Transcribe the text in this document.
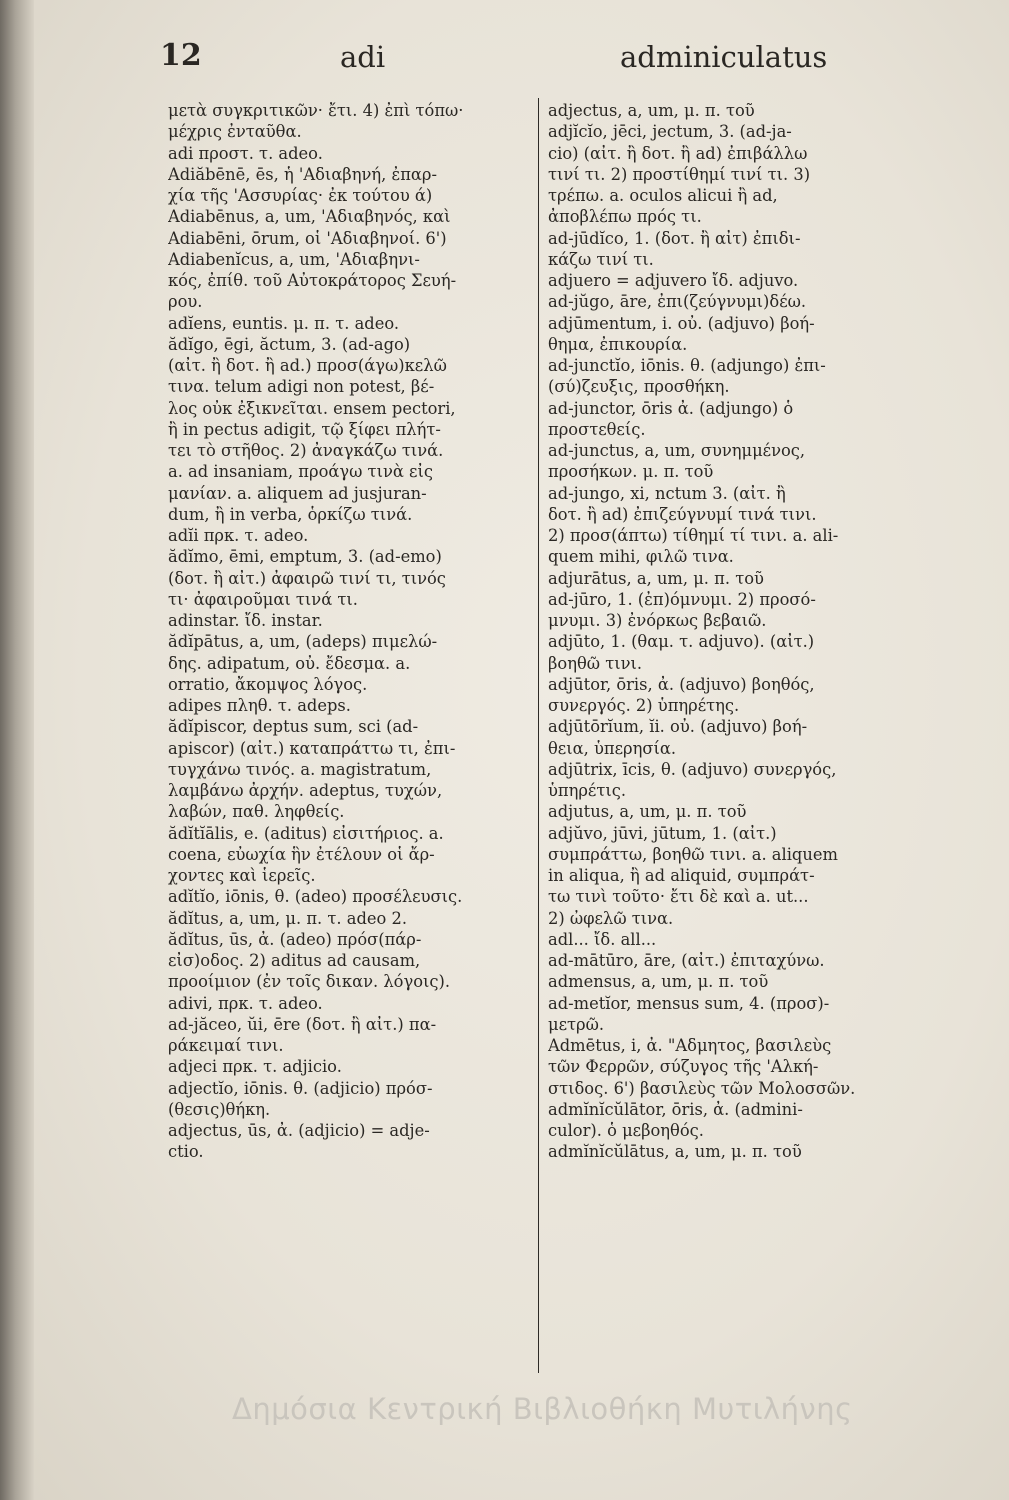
12	adi	adminiculatus
μετὰ συγκριτικῶν· ἔτι. 4) ἐπὶ τόπω·
μέχρις ἐνταῦθα.
adi προστ. τ. adeo.
Adiăbēnē, ēs, ἡ 'Αδιαβηνή, ἐπαρ-
χία τῆς 'Ασσυρίας· ἐκ τούτου ά)
Adiabēnus, a, um, 'Αδιαβηνός, καὶ
Adiabēni, ōrum, οἱ 'Αδιαβηνοί. 6')
Adiabenĭcus, a, um, 'Αδιαβηνι-
κός, ἐπίθ. τοῦ Αὐτοκράτορος Σευή-
ρου.
adĭens, euntis. μ. π. τ. adeo.
ădĭgo, ēgi, ăctum, 3. (ad-ago)
(αἰτ. ἢ δοτ. ἢ ad.) προσ(άγω)κελῶ
τινα. telum adigi non potest, βέ-
λος οὐκ ἐξικνεῖται. ensem pectori,
ἢ in pectus adigit, τῷ ξίφει πλήτ-
τει τὸ στῆθος. 2) ἀναγκάζω τινά.
a. ad insaniam, προάγω τινὰ εἰς
μανίαν. a. aliquem ad jusjuran-
dum, ἢ in verba, ὁρκίζω τινά.
adĭi πρκ. τ. adeo.
ădĭmo, ēmi, emptum, 3. (ad-emo)
(δοτ. ἢ αἰτ.) ἀφαιρῶ τινί τι, τινός
τι· ἀφαιροῦμαι τινά τι.
adinstar. ἴδ. instar.
ădĭpātus, a, um, (adeps) πιμελώ-
δης. adipatum, οὐ. ἔδεσμα. a.
orratio, ἄκομψος λόγος.
adipes πληθ. τ. adeps.
ădĭpiscor, deptus sum, sci (ad-
apiscor) (αἰτ.) καταπράττω τι, ἐπι-
τυγχάνω τινός. a. magistratum,
λαμβάνω ἀρχήν. adeptus, τυχών,
λαβών, παθ. ληφθείς.
ădĭtĭālis, e. (aditus) εἰσιτήριος. a.
coena, εὐωχία ἣν ἐτέλουν οἱ ἄρ-
χοντες καὶ ἱερεῖς.
adĭtĭo, iōnis, θ. (adeo) προσέλευσις.
ădĭtus, a, um, μ. π. τ. adeo 2.
ădĭtus, ūs, ἀ. (adeo) πρόσ(πάρ-
εἰσ)οδος. 2) aditus ad causam,
προοίμιον (ἐν τοῖς δικαν. λόγοις).
adivi, πρκ. τ. adeo.
ad-jăceo, ŭi, ēre (δοτ. ἢ αἰτ.) πα-
ράκειμαί τινι.
adjeci πρκ. τ. adjicio.
adjectĭo, iōnis. θ. (adjicio) πρόσ-
(θεσις)θήκη.
adjectus, ūs, ἀ. (adjicio) = adje-
ctio.
adjectus, a, um, μ. π. τοῦ
adjĭcĭo, jēci, jectum, 3. (ad-ja-
cio) (αἰτ. ἢ δοτ. ἢ ad) ἐπιβάλλω
τινί τι. 2) προστίθημί τινί τι. 3)
τρέπω. a. oculos alicui ἢ ad,
ἀποβλέπω πρός τι.
ad-jūdĭco, 1. (δοτ. ἢ αἰτ) ἐπιδι-
κάζω τινί τι.
adjuero = adjuvero ἴδ. adjuvo.
ad-jŭgo, āre, ἐπι(ζεύγνυμι)δέω.
adjūmentum, i. οὐ. (adjuvo) βοή-
θημα, ἐπικουρία.
ad-junctĭo, iōnis. θ. (adjungo) ἐπι-
(σύ)ζευξις, προσθήκη.
ad-junctor, ōris ἀ. (adjungo) ὁ
προστεθείς.
ad-junctus, a, um, συνημμένος,
προσήκων. μ. π. τοῦ
ad-jungo, xi, nctum 3. (αἰτ. ἢ
δοτ. ἢ ad) ἐπιζεύγνυμί τινά τινι.
2) προσ(άπτω) τίθημί τί τινι. a. ali-
quem mihi, φιλῶ τινα.
adjurātus, a, um, μ. π. τοῦ
ad-jūro, 1. (ἐπ)όμνυμι. 2) προσό-
μνυμι. 3) ἐνόρκως βεβαιῶ.
adjūto, 1. (θαμ. τ. adjuvo). (αἰτ.)
βοηθῶ τινι.
adjūtor, ōris, ἀ. (adjuvo) βοηθός,
συνεργός. 2) ὑπηρέτης.
adjūtōrĭum, ĭi. οὐ. (adjuvo) βοή-
θεια, ὑπερησία.
adjūtrix, īcis, θ. (adjuvo) συνεργός,
ὑπηρέτις.
adjutus, a, um, μ. π. τοῦ
adjŭvo, jūvi, jūtum, 1. (αἰτ.)
συμπράττω, βοηθῶ τινι. a. aliquem
in aliqua, ἢ ad aliquid, συμπράτ-
τω τινὶ τοῦτο· ἔτι δὲ καὶ a. ut...
2) ὠφελῶ τινα.
adl... ἴδ. all...
ad-mātūro, āre, (αἰτ.) ἐπιταχύνω.
admensus, a, um, μ. π. τοῦ
ad-metĭor, mensus sum, 4. (προσ)-
μετρῶ.
Admētus, i, ἀ. "Αδμητος, βασιλεὺς
τῶν Φερρῶν, σύζυγος τῆς 'Αλκή-
στιδος. 6') βασιλεὺς τῶν Μολοσσῶν.
admĭnĭcŭlātor, ōris, ἀ. (admini-
culor). ὁ μεβοηθός.
admĭnĭcŭlātus, a, um, μ. π. τοῦ
Δημόσια Κεντρική Βιβλιοθήκη Μυτιλήνης
